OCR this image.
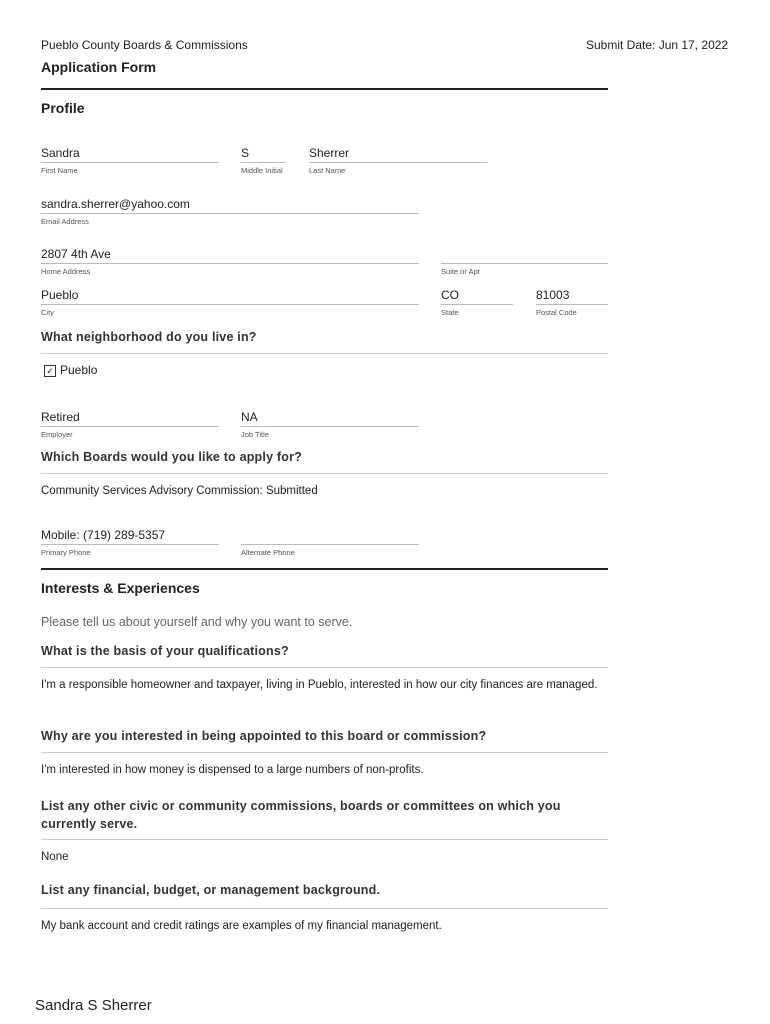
Pueblo County Boards & Commissions	Submit Date: Jun 17, 2022
Application Form
Profile
Sandra
First Name
S
Middle Initial
Sherrer
Last Name
sandra.sherrer@yahoo.com
Email Address
2807 4th Ave
Home Address	Suite or Apt
Pueblo
City
CO
State
81003
Postal Code
What neighborhood do you live in?
✓ Pueblo
Retired
Employer
NA
Job Title
Which Boards would you like to apply for?
Community Services Advisory Commission: Submitted
Mobile: (719) 289-5357
Primary Phone	Alternate Phone
Interests & Experiences
Please tell us about yourself and why you want to serve.
What is the basis of your qualifications?
I'm a responsible homeowner and taxpayer, living in Pueblo, interested in how our city finances are managed.
Why are you interested in being appointed to this board or commission?
I'm interested in how money is dispensed to a large numbers of non-profits.
List any other civic or community commissions, boards or committees on which you currently serve.
None
List any financial, budget, or management background.
My bank account and credit ratings are examples of my financial management.
Sandra S Sherrer
